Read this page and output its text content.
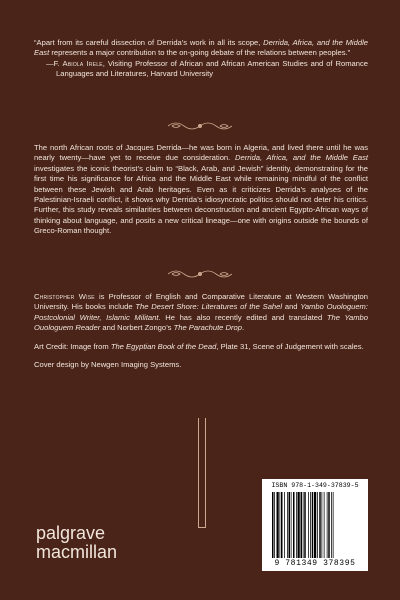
“Apart from its careful dissection of Derrida’s work in all its scope, Derrida, Africa, and the Middle East represents a major contribution to the on-going debate of the relations between peoples.”

—F. Abiola Irele, Visiting Professor of African and African American Studies and of Romance Languages and Literatures, Harvard University

The north African roots of Jacques Derrida—he was born in Algeria, and lived there until he was nearly twenty—have yet to receive due consideration. Derrida, Africa, and the Middle East investigates the iconic theorist’s claim to “Black, Arab, and Jewish” identity, demonstrating for the first time his significance for Africa and the Middle East while remaining mindful of the conflict between these Jewish and Arab heritages. Even as it criticizes Derrida’s analyses of the Palestinian-Israeli conflict, it shows why Derrida’s idiosyncratic politics should not deter his critics. Further, this study reveals similarities between deconstruction and ancient Egypto-African ways of thinking about language, and posits a new critical lineage—one with origins outside the bounds of Greco-Roman thought.

Christopher Wise is Professor of English and Comparative Literature at Western Washington University. His books include The Desert Shore: Literatures of the Sahel and Yambo Ouologuem: Postcolonial Writer, Islamic Militant. He has also recently edited and translated The Yambo Ouologuem Reader and Norbert Zongo’s The Parachute Drop.

Art Credit: Image from The Egyptian Book of the Dead, Plate 31, Scene of Judgement with scales.

Cover design by Newgen Imaging Systems.

palgrave
macmillan
ISBN 978-1-349-37839-5
9 781349 378395
